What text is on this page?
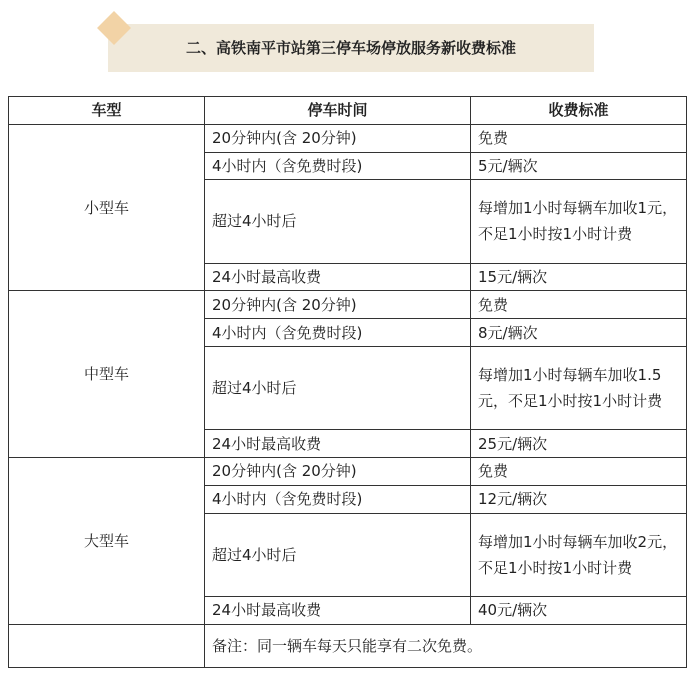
二、高铁南平市站第三停车场停放服务新收费标准
车型	停车时间	收费标准
小型车	20分钟内(含 20分钟)	免费
	4小时内（含免费时段)	5元/辆次
	超过4小时后	每增加1小时每辆车加收1元，不足1小时按1小时计费
	24小时最高收费	15元/辆次
中型车	20分钟内(含 20分钟)	免费
	4小时内（含免费时段)	8元/辆次
	超过4小时后	每增加1小时每辆车加收1.5元，不足1小时按1小时计费
	24小时最高收费	25元/辆次
大型车	20分钟内(含 20分钟)	免费
	4小时内（含免费时段)	12元/辆次
	超过4小时后	每增加1小时每辆车加收2元，不足1小时按1小时计费
	24小时最高收费	40元/辆次
	备注：同一辆车每天只能享有二次免费。	
